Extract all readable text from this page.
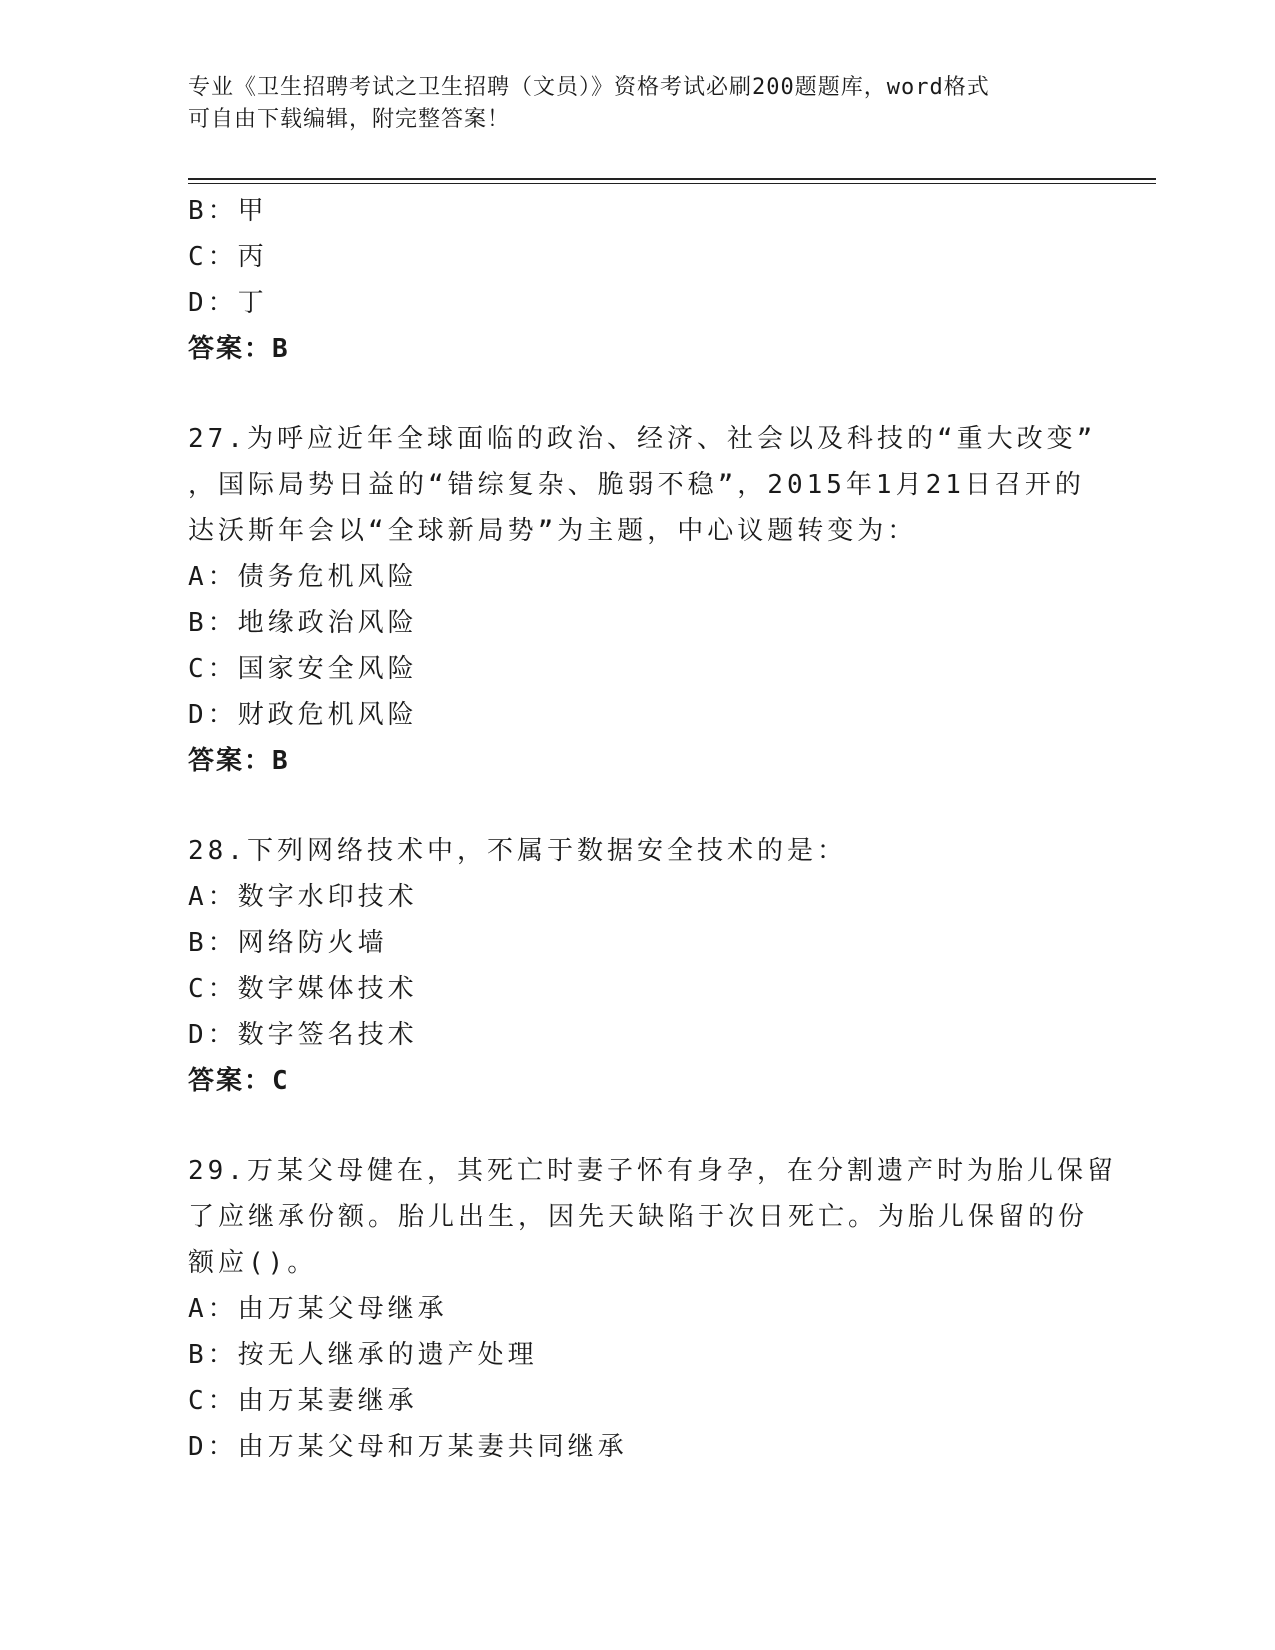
专业《卫生招聘考试之卫生招聘（文员）》资格考试必刷200题题库，word格式
可自由下载编辑，附完整答案！
B：甲
C：丙
D：丁
答案：B
27.为呼应近年全球面临的政治、经济、社会以及科技的“重大改变”
，国际局势日益的“错综复杂、脆弱不稳”，2015年1月21日召开的
达沃斯年会以“全球新局势”为主题，中心议题转变为：
A：债务危机风险
B：地缘政治风险
C：国家安全风险
D：财政危机风险
答案：B
28.下列网络技术中，不属于数据安全技术的是：
A：数字水印技术
B：网络防火墙
C：数字媒体技术
D：数字签名技术
答案：C
29.万某父母健在，其死亡时妻子怀有身孕，在分割遗产时为胎儿保留
了应继承份额。胎儿出生，因先天缺陷于次日死亡。为胎儿保留的份
额应()。
A：由万某父母继承
B：按无人继承的遗产处理
C：由万某妻继承
D：由万某父母和万某妻共同继承
